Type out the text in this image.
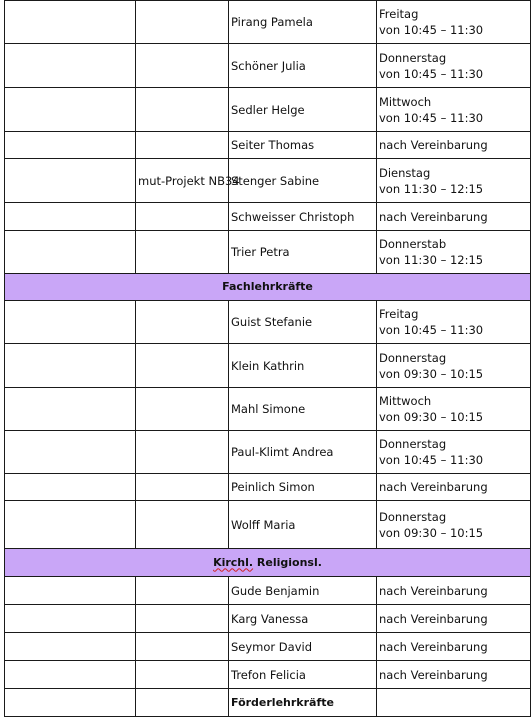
		Pirang Pamela	Freitag
von 10:45 – 11:30

		Schöner Julia	Donnerstag
von 10:45 – 11:30

		Sedler Helge	Mittwoch
von 10:45 – 11:30

		Seiter Thomas	nach Vereinbarung
	mut-Projekt NB34	Stenger Sabine	Dienstag
von 11:30 – 12:15

		Schweisser Christoph	nach Vereinbarung
		Trier Petra	Donnerstab
von 11:30 – 12:15

Fachlehrkräfte			
		Guist Stefanie	Freitag
von 10:45 – 11:30

		Klein Kathrin	Donnerstag
von 09:30 – 10:15

		Mahl Simone	Mittwoch
von 09:30 – 10:15

		Paul-Klimt Andrea	Donnerstag
von 10:45 – 11:30

		Peinlich Simon	nach Vereinbarung
		Wolff Maria	Donnerstag
von 09:30 – 10:15

Kirchl. Religionsl.			
		Gude Benjamin	nach Vereinbarung
		Karg Vanessa	nach Vereinbarung
		Seymor David	nach Vereinbarung
		Trefon Felicia	nach Vereinbarung
		Förderlehrkräfte	
